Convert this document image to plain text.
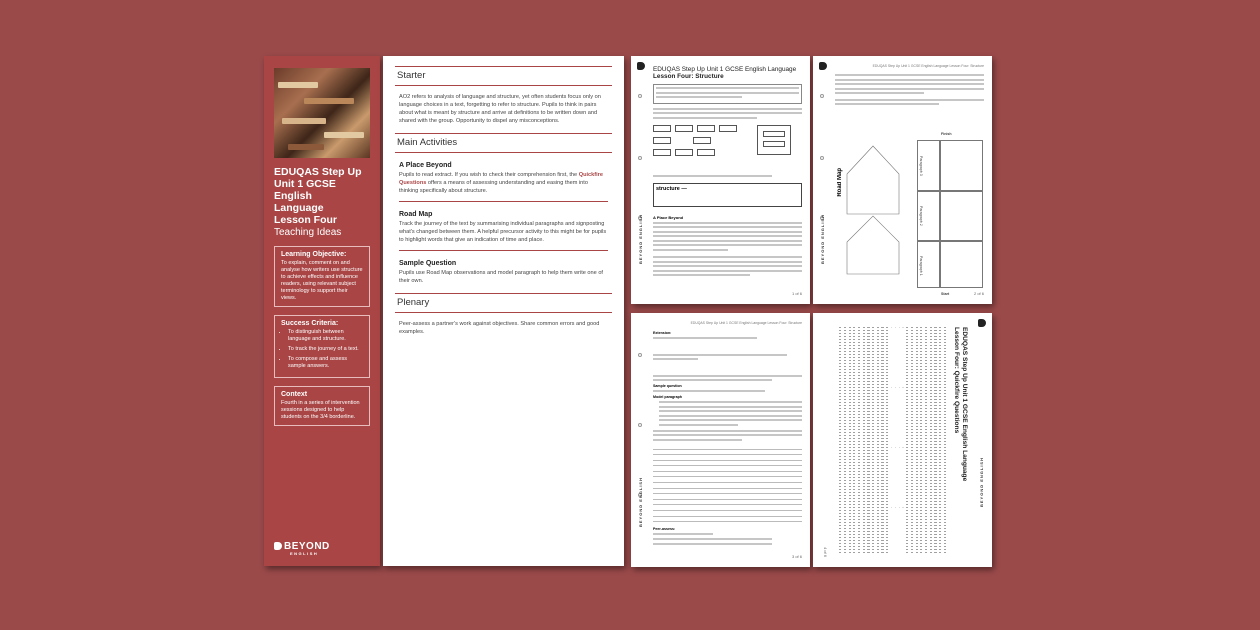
EDUQAS Step Up
Unit 1 GCSE English
Language
Lesson Four
Teaching Ideas
Learning Objective:
To explain, comment on and analyse how writers use structure to achieve effects and influence readers, using relevant subject terminology to support their views.
Success Criteria:
• To distinguish between language and structure.
• To track the journey of a text.
• To compose and assess sample answers.
Context
Fourth in a series of intervention sessions designed to help students on the 3/4 borderline.
BEYOND
ENGLISH
Starter

AO2 refers to analysis of language and structure, yet often students focus only on language choices in a text, forgetting to refer to structure. Pupils to think in pairs about what is meant by structure and arrive at definitions to be written down and shared with the group. Opportunity to dispel any misconceptions.

Main Activities
A Place Beyond

Pupils to read extract. If you wish to check their comprehension first, the Quickfire Questions offers a means of assessing understanding and easing them into thinking specifically about structure.

Road Map

Track the journey of the text by summarising individual paragraphs and signposting what's changed between them. A helpful precursor activity to this might be for pupils to highlight words that give an indication of time and place.

Sample Question

Pupils use Road Map observations and model paragraph to help them write one of their own.

Plenary

Peer-assess a partner's work against objectives. Share common errors and good examples.

EDUQAS Step Up Unit 1 GCSE English Language
Lesson Four: Structure
structure —
A Place Beyond
BEYOND ENGLISH
1 of 6
EDUQAS Step Up Unit 1 GCSE English Language Lesson Four: Structure
Road Map
Finish
Start
Paragraph 3
Paragraph 2
Paragraph 1
BEYOND ENGLISH
2 of 6
EDUQAS Step Up Unit 1 GCSE English Language Lesson Four: Structure
Extension:
Sample question
Model paragraph
Peer-assess:
BEYOND ENGLISH
3 of 6
EDUQAS Step Up Unit 1 GCSE English Language
Lesson Four: Quickfire Questions
4 of 6
BEYOND ENGLISH
